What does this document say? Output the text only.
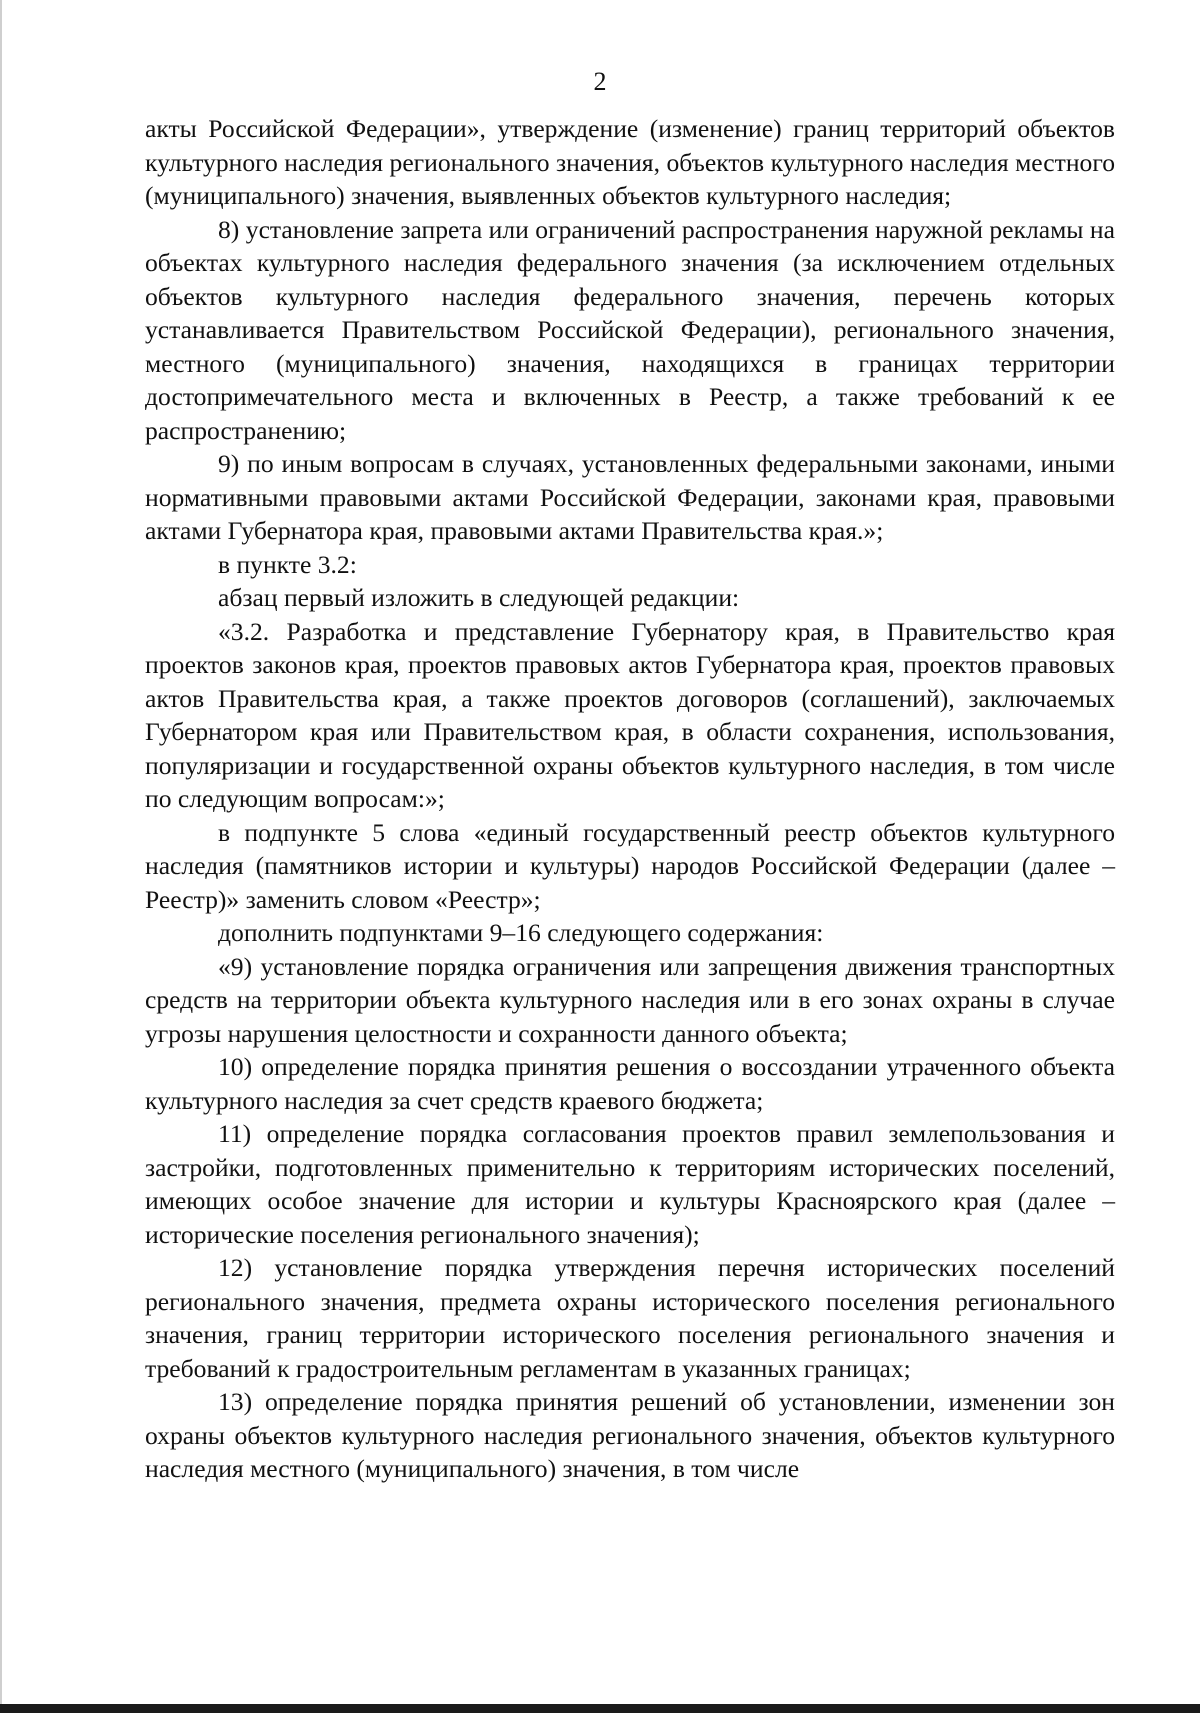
2

акты Российской Федерации», утверждение (изменение) границ территорий объектов культурного наследия регионального значения, объектов культурного наследия местного (муниципального) значения, выявленных объектов культурного наследия;

8) установление запрета или ограничений распространения наружной рекламы на объектах культурного наследия федерального значения (за исключением отдельных объектов культурного наследия федерального значения, перечень которых устанавливается Правительством Российской Федерации), регионального значения, местного (муниципального) значения, находящихся в границах территории достопримечательного места и включенных в Реестр, а также требований к ее распространению;

9) по иным вопросам в случаях, установленных федеральными законами, иными нормативными правовыми актами Российской Федерации, законами края, правовыми актами Губернатора края, правовыми актами Правительства края.»;

в пункте 3.2:

абзац первый изложить в следующей редакции:

«3.2. Разработка и представление Губернатору края, в Правительство края проектов законов края, проектов правовых актов Губернатора края, проектов правовых актов Правительства края, а также проектов договоров (соглашений), заключаемых Губернатором края или Правительством края, в области сохранения, использования, популяризации и государственной охраны объектов культурного наследия, в том числе по следующим вопросам:»;

в подпункте 5 слова «единый государственный реестр объектов культурного наследия (памятников истории и культуры) народов Российской Федерации (далее – Реестр)» заменить словом «Реестр»;

дополнить подпунктами 9–16 следующего содержания:

«9) установление порядка ограничения или запрещения движения транспортных средств на территории объекта культурного наследия или в его зонах охраны в случае угрозы нарушения целостности и сохранности данного объекта;

10) определение порядка принятия решения о воссоздании утраченного объекта культурного наследия за счет средств краевого бюджета;

11) определение порядка согласования проектов правил землепользования и застройки, подготовленных применительно к территориям исторических поселений, имеющих особое значение для истории и культуры Красноярского края (далее – исторические поселения регионального значения);

12) установление порядка утверждения перечня исторических поселений регионального значения, предмета охраны исторического поселения регионального значения, границ территории исторического поселения регионального значения и требований к градостроительным регламентам в указанных границах;

13) определение порядка принятия решений об установлении, изменении зон охраны объектов культурного наследия регионального значения, объектов культурного наследия местного (муниципального) значения, в том числе
